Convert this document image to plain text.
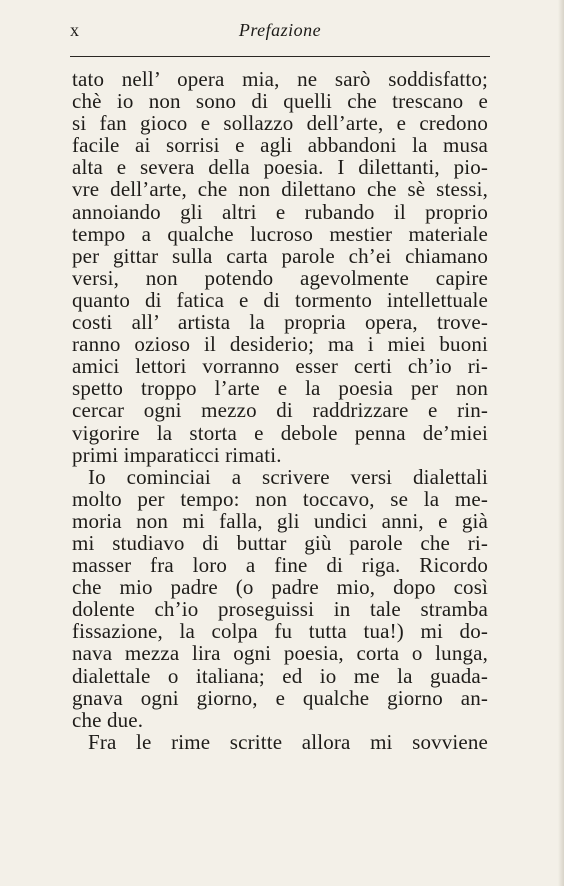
x	Prefazione
tato nell’ opera mia, ne sarò soddisfatto;
chè io non sono di quelli che trescano e
si fan gioco e sollazzo dell’arte, e credono
facile ai sorrisi e agli abbandoni la musa
alta e severa della poesia. I dilettanti, pio-
vre dell’arte, che non dilettano che sè stessi,
annoiando gli altri e rubando il proprio
tempo a qualche lucroso mestier materiale
per gittar sulla carta parole ch’ei chiamano
versi, non potendo agevolmente capire
quanto di fatica e di tormento intellettuale
costi all’ artista la propria opera, trove-
ranno ozioso il desiderio; ma i miei buoni
amici lettori vorranno esser certi ch’io ri-
spetto troppo l’arte e la poesia per non
cercar ogni mezzo di raddrizzare e rin-
vigorire la storta e debole penna de’miei
primi imparaticci rimati.
Io cominciai a scrivere versi dialettali
molto per tempo: non toccavo, se la me-
moria non mi falla, gli undici anni, e già
mi studiavo di buttar giù parole che ri-
masser fra loro a fine di riga. Ricordo
che mio padre (o padre mio, dopo così
dolente ch’io proseguissi in tale stramba
fissazione, la colpa fu tutta tua!) mi do-
nava mezza lira ogni poesia, corta o lunga,
dialettale o italiana; ed io me la guada-
gnava ogni giorno, e qualche giorno an-
che due.
Fra le rime scritte allora mi sovviene
